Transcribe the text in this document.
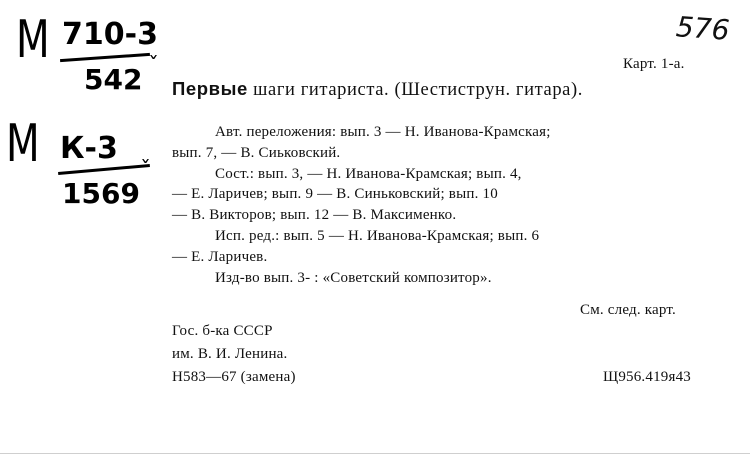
М 710-3
542 ˇ
М К-3
1569
ˇ
576
Карт. 1-а.
Первые шаги гитариста. (Шестиструн. гитара).
Авт. переложения: вып. 3 — Н. Иванова-Крамская;
вып. 7, — В. Сиьковский.
Сост.: вып. 3, — Н. Иванова-Крамская; вып. 4,
— Е. Ларичев; вып. 9 — В. Синьковский; вып. 10
— В. Викторов; вып. 12 — В. Максименко.
Исп. ред.: вып. 5 — Н. Иванова-Крамская; вып. 6
— Е. Ларичев.
Изд-во вып. 3- : «Советский композитор».
См. след. карт.
Гос. б-ка СССР
им. В. И. Ленина.
Н583—67 (замена)	Щ956.419я43
